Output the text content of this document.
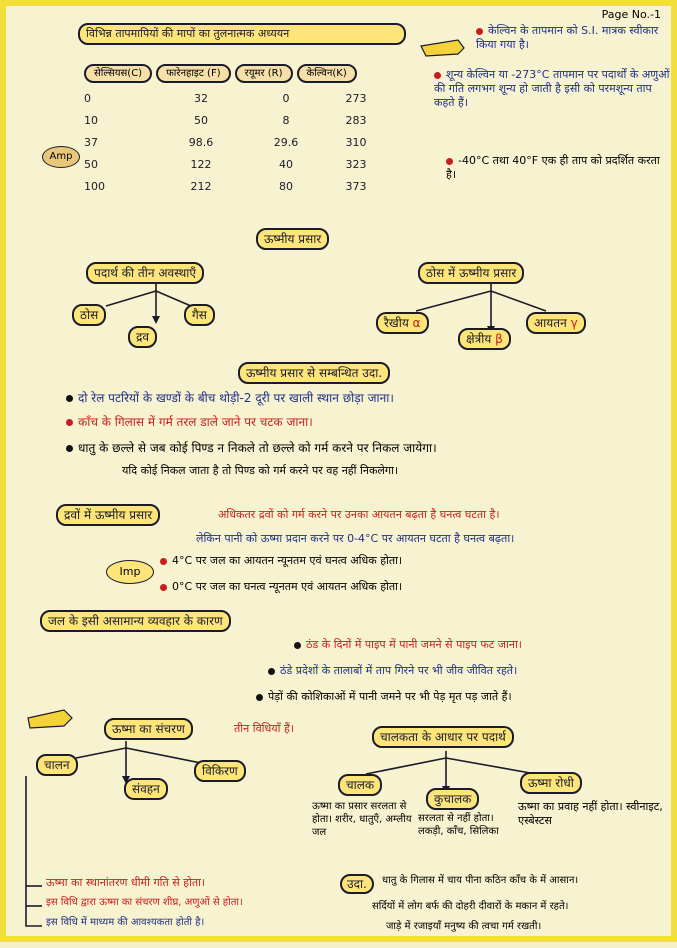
Page No.-1
विभिन्न तापमापियों की मापों का तुलनात्मक अध्ययन
सेल्सियस(C)	फारेनहाइट (F)	रयूमर (R)	केल्विन(K)
0	32	0	273
10	50	8	283
37	98.6	29.6	310
50	122	40	323
100	212	80	373
Amp
केल्विन के तापमान को S.I. मात्रक स्वीकार किया गया है।
शून्य केल्विन या -273°C तापमान पर पदार्थों के अणुओं की गति लगभग शून्य हो जाती है इसी को परमशून्य ताप कहते हैं।
-40°C तथा 40°F एक ही ताप को प्रदर्शित करता है।
ऊष्मीय प्रसार
पदार्थ की तीन अवस्थाएँ
ठोस
द्रव
गैस
ठोस में ऊष्मीय प्रसार
रैखीय α
क्षेत्रीय β
आयतन γ
ऊष्मीय प्रसार से सम्बन्धित उदा.
दो रेल पटरियों के खण्डों के बीच थोड़ी-2 दूरी पर खाली स्थान छोड़ा जाना।
काँच के गिलास में गर्म तरल डाले जाने पर चटक जाना।
धातु के छल्ले से जब कोई पिण्ड न निकले तो छल्ले को गर्म करने पर निकल जायेगा।
यदि कोई निकल जाता है तो पिण्ड को गर्म करने पर वह नहीं निकलेगा।
द्रवों में ऊष्मीय प्रसार	अधिकतर द्रवों को गर्म करने पर उनका आयतन बढ़ता है घनत्व घटता है।
लेकिन पानी को ऊष्मा प्रदान करने पर 0-4°C पर आयतन घटता है घनत्व बढ़ता।
Imp
4°C पर जल का आयतन न्यूनतम एवं घनत्व अधिक होता।
0°C पर जल का घनत्व न्यूनतम एवं आयतन अधिक होता।
जल के इसी असामान्य व्यवहार के कारण
ठंड के दिनों में पाइप में पानी जमने से पाइप फट जाना।
ठंडे प्रदेशों के तालाबों में ताप गिरने पर भी जीव जीवित रहते।
पेड़ों की कोशिकाओं में पानी जमने पर भी पेड़ मृत पड़ जाते हैं।
ऊष्मा का संचरण	तीन विधियाँ हैं।
चालन
संवहन
विकिरण
ऊष्मा का स्थानांतरण धीमी गति से होता।
इस विधि द्वारा ऊष्मा का संचरण शीघ्र, अणुओं से होता।
इस विधि में माध्यम की आवश्यकता होती है।
चालकता के आधार पर पदार्थ
चालक
कुचालक
ऊष्मा रोधी
ऊष्मा का प्रसार सरलता से होता। शरीर, धातुएँ, अम्लीय जल
सरलता से नहीं होता। लकड़ी, काँच, सिलिका
ऊष्मा का प्रवाह नहीं होता। स्वीनाइट, एस्बेस्टस
उदा.	धातु के गिलास में चाय पीना कठिन काँच के में आसान।
सर्दियों में लोग बर्फ की दोहरी दीवारों के मकान में रहते।
जाड़े में रजाइयाँ मनुष्य की त्वचा गर्म रखती।
